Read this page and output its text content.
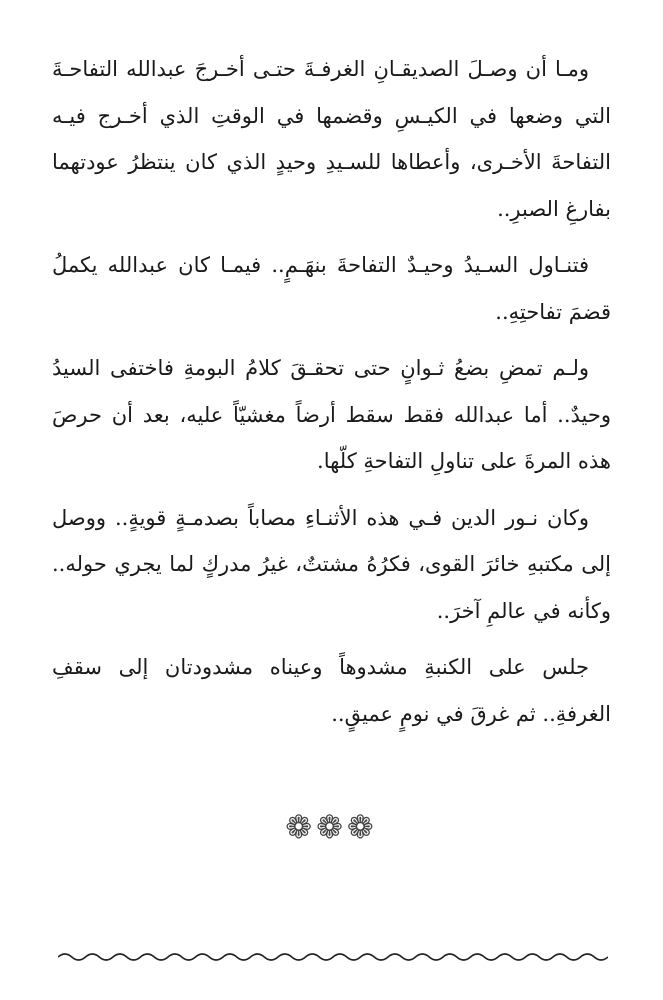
ومـا أن وصـلَ الصديقـانِ الغرفـةَ حتـى أخـرجَ عبدالله التفاحـةَ التي وضعها في الكيـسِ وقضمها في الوقتِ الذي أخـرج فيـه التفاحةَ الأخـرى، وأعطاها للسـيدِ وحيدٍ الذي كان ينتظرُ عودتهما بفارغِ الصبرِ..

فتنـاول السـيدُ وحيـدٌ التفاحةَ بنهَـمٍ.. فيمـا كان عبدالله يكملُ قضمَ تفاحتِهِ..

ولـم تمضِ بضعُ ثـوانٍ حتى تحقـقَ كلامُ البومةِ فاختفى السيدُ وحيدٌ.. أما عبدالله فقط سقط أرضاً مغشيّاً عليه، بعد أن حرصَ هذه المرةَ على تناولِ التفاحةِ كلّها.

وكان نـور الدين فـي هذه الأثنـاءِ مصاباً بصدمـةٍ قويةٍ.. ووصل إلى مكتبهِ خائرَ القوى، فكرُهُ مشتتٌ، غيرُ مدركٍ لما يجري حوله.. وكأنه في عالمِ آخرَ..

جلس على الكنبةِ مشدوهاً وعيناه مشدودتان إلى سقفِ الغرفةِ.. ثم غرقَ في نومٍ عميقٍ..

❁❁❁
